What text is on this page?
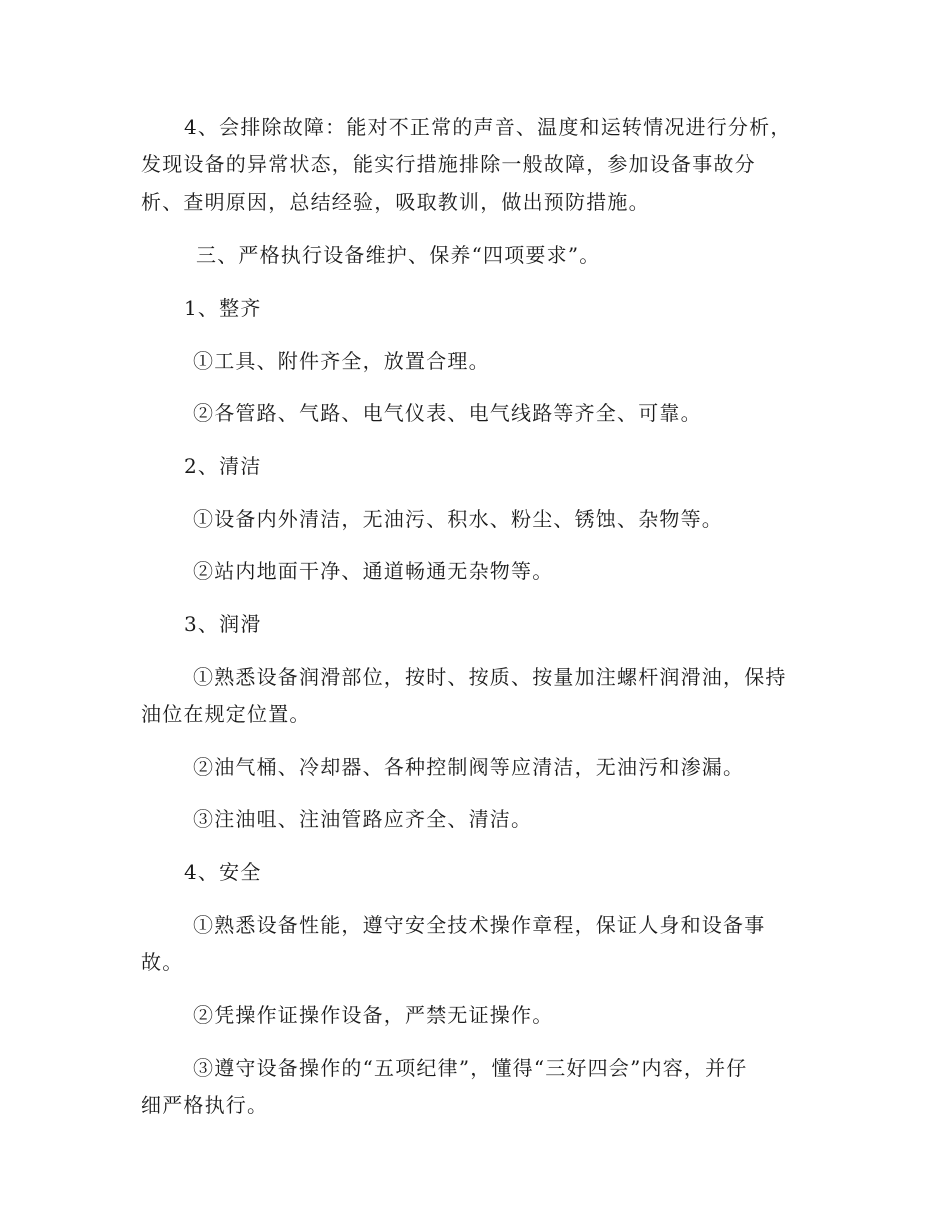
4、会排除故障：能对不正常的声音、温度和运转情况进行分析，
发现设备的异常状态，能实行措施排除一般故障，参加设备事故分
析、查明原因，总结经验，吸取教训，做出预防措施。
三、严格执行设备维护、保养“四项要求”。
1、整齐
①工具、附件齐全，放置合理。
②各管路、气路、电气仪表、电气线路等齐全、可靠。
2、清洁
①设备内外清洁，无油污、积水、粉尘、锈蚀、杂物等。
②站内地面干净、通道畅通无杂物等。
3、润滑
①熟悉设备润滑部位，按时、按质、按量加注螺杆润滑油，保持
油位在规定位置。
②油气桶、冷却器、各种控制阀等应清洁，无油污和渗漏。
③注油咀、注油管路应齐全、清洁。
4、安全
①熟悉设备性能，遵守安全技术操作章程，保证人身和设备事
故。
②凭操作证操作设备，严禁无证操作。
③遵守设备操作的“五项纪律”，懂得“三好四会”内容，并仔
细严格执行。
